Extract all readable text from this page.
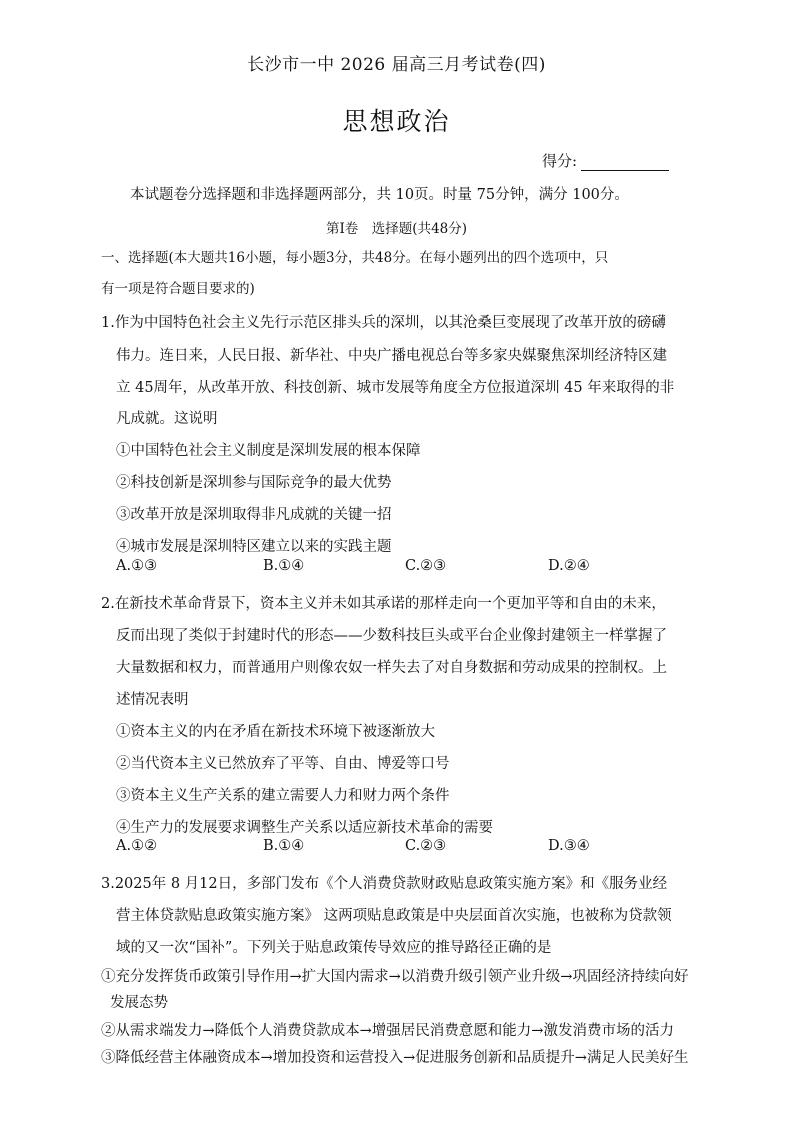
长沙市一中 2026 届高三月考试卷(四)
思想政治
得分:
本试题卷分选择题和非选择题两部分，共 10页。时量 75分钟，满分 100分。
第Ⅰ卷　选择题(共48分)
一、选择题(本大题共16小题，每小题3分，共48分。在每小题列出的四个选项中，只
有一项是符合题目要求的)
1.作为中国特色社会主义先行示范区排头兵的深圳，以其沧桑巨变展现了改革开放的磅礴
伟力。连日来，人民日报、新华社、中央广播电视总台等多家央媒聚焦深圳经济特区建
立 45周年，从改革开放、科技创新、城市发展等角度全方位报道深圳 45 年来取得的非
凡成就。这说明
①中国特色社会主义制度是深圳发展的根本保障
②科技创新是深圳参与国际竞争的最大优势
③改革开放是深圳取得非凡成就的关键一招
④城市发展是深圳特区建立以来的实践主题
A.①③	B.①④	C.②③	D.②④
2.在新技术革命背景下，资本主义并未如其承诺的那样走向一个更加平等和自由的未来，
反而出现了类似于封建时代的形态——少数科技巨头或平台企业像封建领主一样掌握了
大量数据和权力，而普通用户则像农奴一样失去了对自身数据和劳动成果的控制权。上
述情况表明
①资本主义的内在矛盾在新技术环境下被逐渐放大
②当代资本主义已然放弃了平等、自由、博爱等口号
③资本主义生产关系的建立需要人力和财力两个条件
④生产力的发展要求调整生产关系以适应新技术革命的需要
A.①②	B.①④	C.②③	D.③④
3.2025年 8 月12日，多部门发布《个人消费贷款财政贴息政策实施方案》和《服务业经
营主体贷款贴息政策实施方案》 这两项贴息政策是中央层面首次实施，也被称为贷款领
域的又一次“国补”。下列关于贴息政策传导效应的推导路径正确的是
①充分发挥货币政策引导作用→扩大国内需求→以消费升级引领产业升级→巩固经济持续向好
发展态势
②从需求端发力→降低个人消费贷款成本→增强居民消费意愿和能力→激发消费市场的活力
③降低经营主体融资成本→增加投资和运营投入→促进服务创新和品质提升→满足人民美好生
